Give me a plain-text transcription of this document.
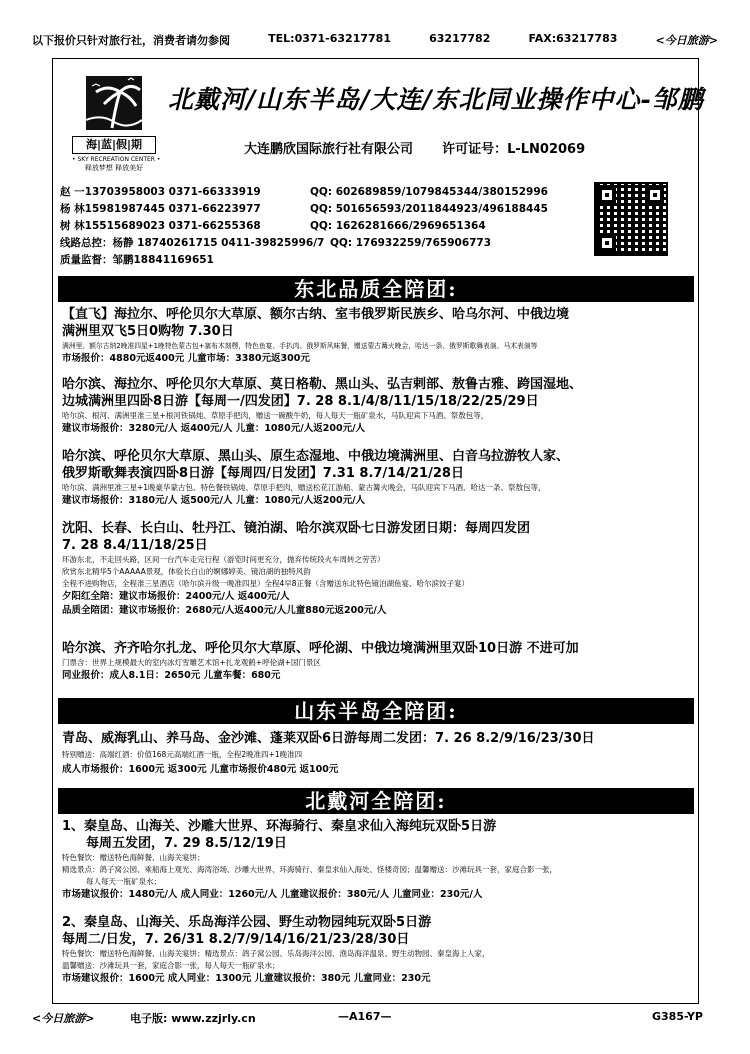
以下报价只针对旅行社，消费者请勿参阅	TEL:0371-63217781	63217782	FAX:63217783	<今日旅游>
海|蓝|假|期
• SKY RECREATION CENTER •
释放梦想 释放美好
北戴河/山东半岛/大连/东北同业操作中心-邹鹏
大连鹏欣国际旅行社有限公司 许可证号：L-LN02069
赵 一13703958003 0371-66333919	QQ: 602689859/1079845344/380152996
杨 林15981987445 0371-66223977	QQ: 501656593/2011844923/496188445
树 林15515689023 0371-66255368	QQ: 1626281666/2969651364
线路总控：杨静 18740261715 0411-39825996/7 QQ: 176932259/765906773
质量监督：邹鹏18841169651
东北品质全陪团:
【直飞】海拉尔、呼伦贝尔大草原、额尔古纳、室韦俄罗斯民族乡、哈乌尔河、中俄边境
满洲里双飞5日0购物 7.30日
满洲里、额尔古纳2晚准四星+1晚特色蒙古包+塞布木刻楞，特色鱼宴、手扒肉、俄罗斯风味餐，赠送蒙古篝火晚会，哈达一条、俄罗斯歌舞表演、马术表演等
市场报价：4880元返400元 儿童市场：3380元返300元
哈尔滨、海拉尔、呼伦贝尔大草原、莫日格勒、黑山头、弘吉剌部、敖鲁古雅、跨国湿地、
边城满洲里四卧8日游【每周一/四发团】7. 28 8.1/4/8/11/15/18/22/25/29日
哈尔滨、根河、满洲里准三星+根河铁锅炖、草原手把肉，赠送一碗酸牛奶，每人每天一瓶矿泉水，马队迎宾下马酒、祭敖包等，
建议市场报价：3280元/人 返400元/人 儿童：1080元/人返200元/人
哈尔滨、呼伦贝尔大草原、黑山头、原生态湿地、中俄边境满洲里、白音乌拉游牧人家、
俄罗斯歌舞表演四卧8日游【每周四/日发团】7.31 8.7/14/21/28日
哈尔滨、满洲里准三星+1晚豪华蒙古包、特色餐铁锅炖、草原手把肉，赠送松花江游船、蒙古篝火晚会，马队迎宾下马酒、哈达一条、祭敖包等，
建议市场报价：3180元/人 返500元/人 儿童：1080元/人返200元/人
沈阳、长春、长白山、牡丹江、镜泊湖、哈尔滨双卧七日游发团日期：每周四发团
7. 28 8.4/11/18/25日
环游东北，不走回头路，区间一台汽车走完行程（游览时间更充分，抛弃传统段火车周转之劳苦）
欣赏东北精华5个AAAAA景观，体验长白山的婀娜婷美、镜泊湖的独特风韵
全程不进购物店，全程准三星酒店（哈尔滨升级一晚准四星）全程4早8正餐（含赠送东北特色镜泊湖鱼宴、哈尔滨饺子宴）
夕阳红全陪：建议市场报价：2400元/人 返400元/人
品质全陪团：建议市场报价：2680元/人返400元/人儿童880元返200元/人
哈尔滨、齐齐哈尔扎龙、呼伦贝尔大草原、呼伦湖、中俄边境满洲里双卧10日游 不进可加
门票含：世界上规模最大的室内冰灯雪雕艺术馆+扎龙观鹤+呼伦湖+国门景区
同业报价：成人8.1日：2650元 儿童车餐：680元
山东半岛全陪团:
青岛、威海乳山、养马岛、金沙滩、蓬莱双卧6日游每周二发团：7. 26 8.2/9/16/23/30日
特别赠送：高端红酒：价值168元高端红酒一瓶，全程2晚准四+1晚准四
成人市场报价：1600元 返300元 儿童市场报价480元 返100元
北戴河全陪团:
1、秦皇岛、山海关、沙雕大世界、环海骑行、秦皇求仙入海纯玩双卧5日游
每周五发团，7. 29 8.5/12/19日
特色餐饮：赠送特色海鲜餐、山海关宴饼；
精选景点：鸽子窝公园、乘船海上观光、海湾浴场、沙雕大世界、环海骑行、秦皇求仙入海处、怪楼奇园；温馨赠送：沙滩玩具一套，家庭合影一张，
每人每天一瓶矿泉水；
市场建议报价：1480元/人 成人同业：1260元/人 儿童建议报价：380元/人 儿童同业：230元/人
2、秦皇岛、山海关、乐岛海洋公园、野生动物园纯玩双卧5日游
每周二/日发，7. 26/31 8.2/7/9/14/16/21/23/28/30日
特色餐饮：赠送特色海鲜餐、山海关宴饼；精选景点：鸽子窝公园、乐岛海洋公园、渔岛海洋温泉、野生动物园、秦皇海上人家，
温馨赠送：沙滩玩具一套，家庭合影一张，每人每天一瓶矿泉水；
市场建议报价：1600元 成人同业：1300元 儿童建议报价：380元 儿童同业：230元
<今日旅游>	电子版: www.zzjrly.cn	—A167—	G385-YP
